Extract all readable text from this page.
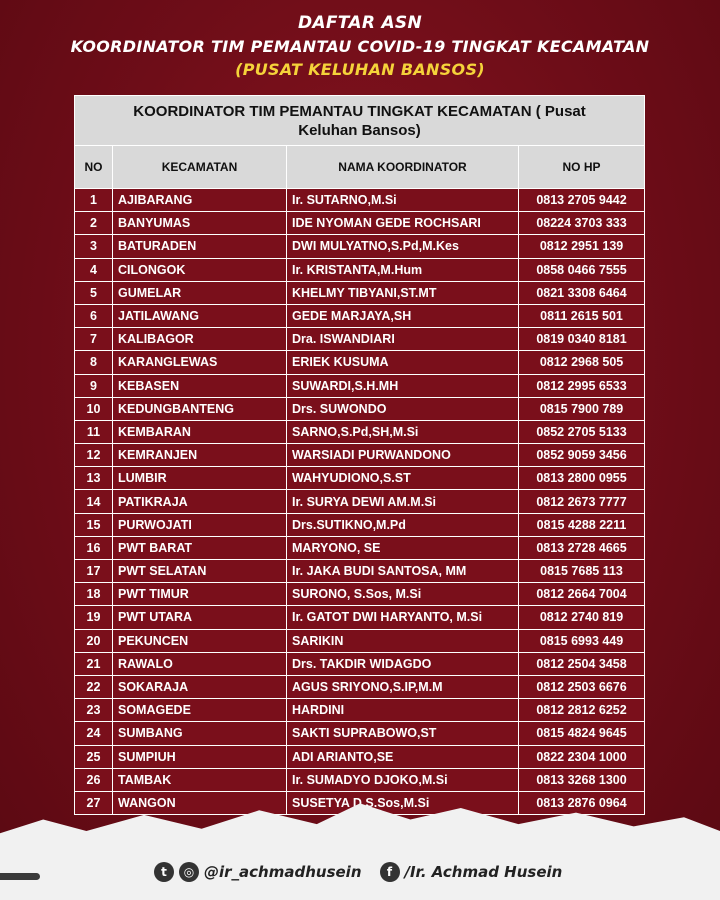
DAFTAR ASN
KOORDINATOR TIM PEMANTAU COVID-19 TINGKAT KECAMATAN
(PUSAT KELUHAN BANSOS)
KOORDINATOR TIM PEMANTAU TINGKAT KECAMATAN ( Pusat Keluhan Bansos)			
NO	KECAMATAN	NAMA KOORDINATOR	NO HP
1	AJIBARANG	Ir. SUTARNO,M.Si	0813 2705 9442
2	BANYUMAS	IDE NYOMAN GEDE ROCHSARI	08224 3703 333
3	BATURADEN	DWI MULYATNO,S.Pd,M.Kes	0812 2951 139
4	CILONGOK	Ir. KRISTANTA,M.Hum	0858 0466 7555
5	GUMELAR	KHELMY TIBYANI,ST.MT	0821 3308 6464
6	JATILAWANG	GEDE MARJAYA,SH	0811 2615 501
7	KALIBAGOR	Dra. ISWANDIARI	0819 0340 8181
8	KARANGLEWAS	ERIEK KUSUMA	0812 2968 505
9	KEBASEN	SUWARDI,S.H.MH	0812 2995 6533
10	KEDUNGBANTENG	Drs. SUWONDO	0815 7900 789
11	KEMBARAN	SARNO,S.Pd,SH,M.Si	0852 2705 5133
12	KEMRANJEN	WARSIADI PURWANDONO	0852 9059 3456
13	LUMBIR	WAHYUDIONO,S.ST	0813 2800 0955
14	PATIKRAJA	Ir. SURYA DEWI AM.M.Si	0812 2673 7777
15	PURWOJATI	Drs.SUTIKNO,M.Pd	0815 4288 2211
16	PWT BARAT	MARYONO, SE	0813 2728 4665
17	PWT SELATAN	Ir. JAKA BUDI SANTOSA, MM	0815 7685 113
18	PWT TIMUR	SURONO, S.Sos, M.Si	0812 2664 7004
19	PWT UTARA	Ir. GATOT DWI HARYANTO, M.Si	0812 2740 819
20	PEKUNCEN	SARIKIN	0815 6993 449
21	RAWALO	Drs. TAKDIR WIDAGDO	0812 2504 3458
22	SOKARAJA	AGUS SRIYONO,S.IP,M.M	0812 2503 6676
23	SOMAGEDE	HARDINI	0812 2812 6252
24	SUMBANG	SAKTI SUPRABOWO,ST	0815 4824 9645
25	SUMPIUH	ADI ARIANTO,SE	0822 2304 1000
26	TAMBAK	Ir. SUMADYO DJOKO,M.Si	0813 3268 1300
27	WANGON	SUSETYA D,S.Sos,M.Si	0813 2876 0964
t	◎ @ir_achmadhusein	f /Ir. Achmad Husein
